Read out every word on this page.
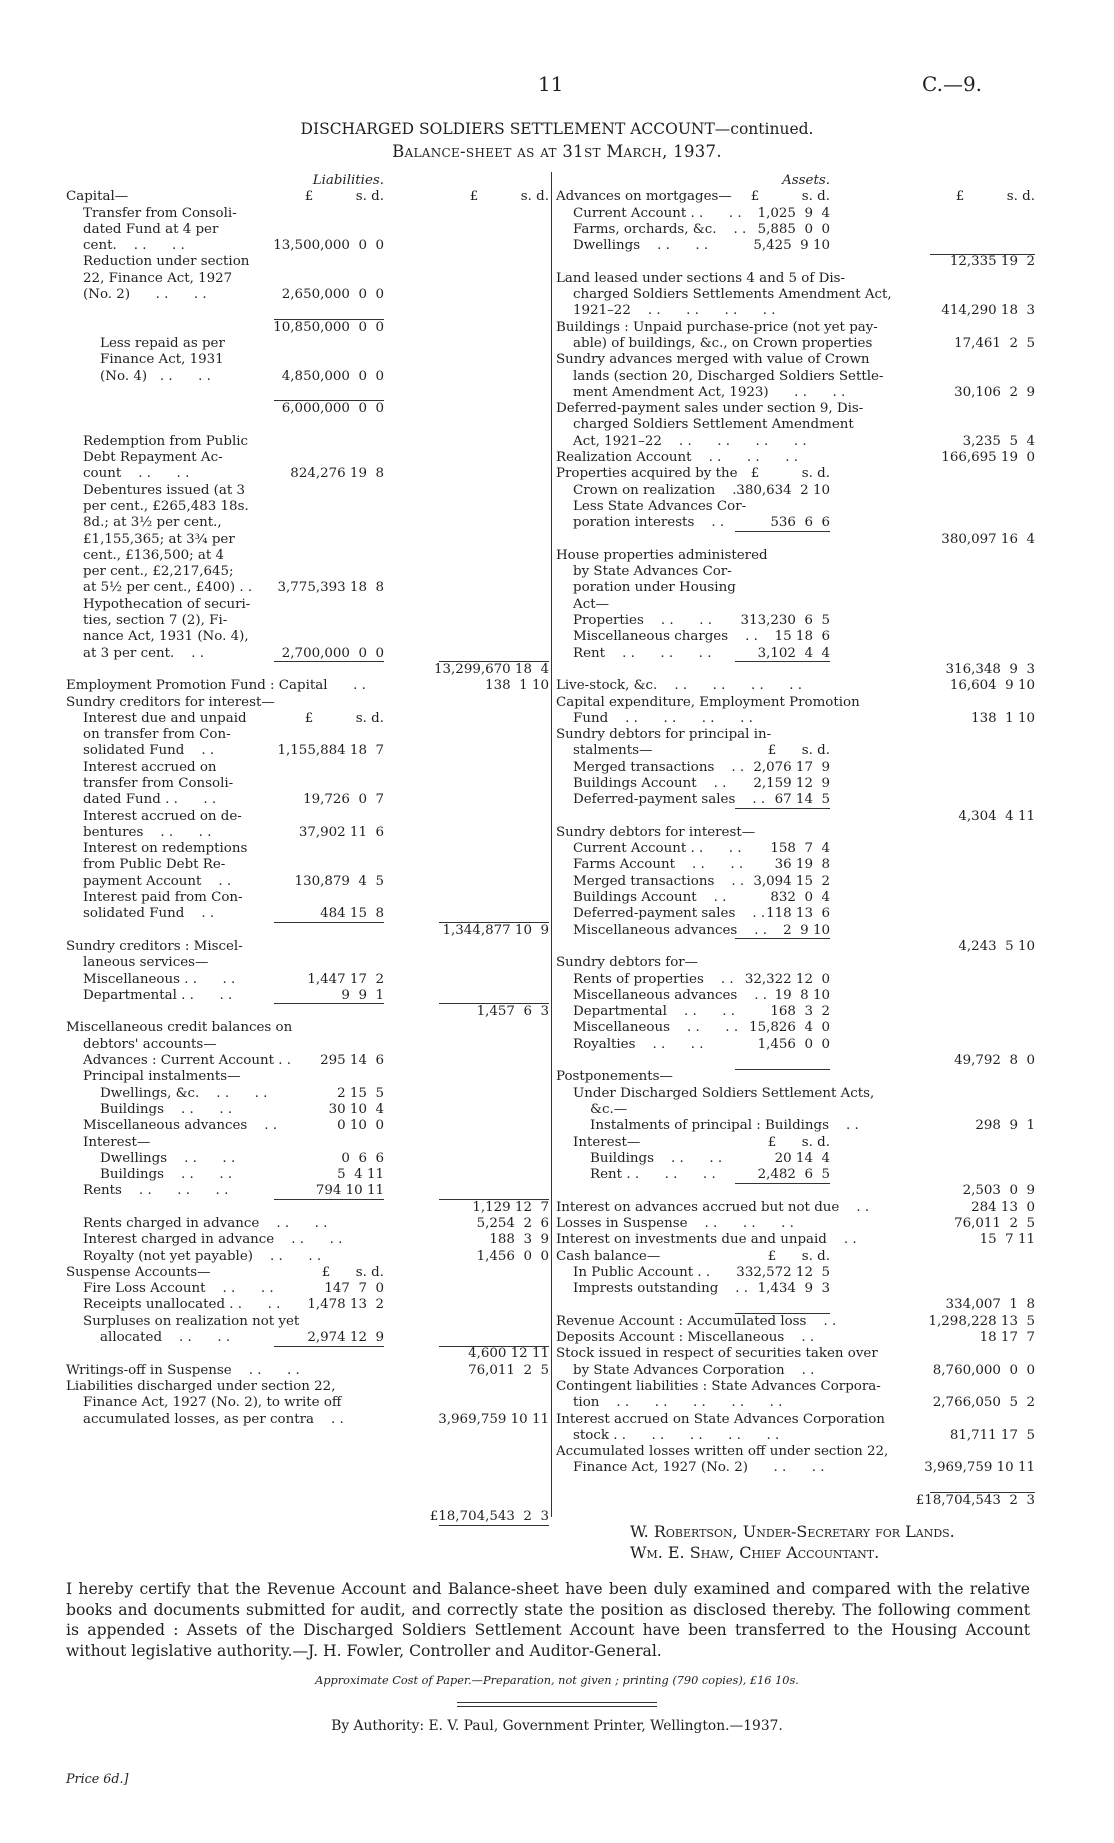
11	C.—9.
DISCHARGED SOLDIERS SETTLEMENT ACCOUNT—continued.
Balance-sheet as at 31st March, 1937.
Liabilities.
Capital—	£          s. d.	£          s. d.
Transfer from Consoli-
dated Fund at 4 per
cent.    . .      . .	13,500,000  0  0
Reduction under section
22, Finance Act, 1927
(No. 2)      . .      . .	2,650,000  0  0
10,850,000  0  0
Less repaid as per
Finance Act, 1931
(No. 4)   . .      . .	4,850,000  0  0
6,000,000  0  0
Redemption from Public
Debt Repayment Ac-
count    . .      . .	824,276 19  8
Debentures issued (at 3
per cent., £265,483 18s.
8d.; at 3½ per cent.,
£1,155,365; at 3¾ per
cent., £136,500; at 4
per cent., £2,217,645;
at 5½ per cent., £400) . . 3,775,393 18  8
Hypothecation of securi-
ties, section 7 (2), Fi-
nance Act, 1931 (No. 4),
at 3 per cent.    . .	2,700,000  0  0
13,299,670 18  4
Employment Promotion Fund : Capital      . .	138  1 10
Sundry creditors for interest—
Interest due and unpaid	£          s. d.
on transfer from Con-
solidated Fund    . .	1,155,884 18  7
Interest accrued on
transfer from Consoli-
dated Fund . .      . .	19,726  0  7
Interest accrued on de-
bentures    . .      . .	37,902 11  6
Interest on redemptions
from Public Debt Re-
payment Account    . .	130,879  4  5
Interest paid from Con-
solidated Fund    . .	484 15  8
1,344,877 10  9
Sundry creditors : Miscel-
laneous services—
Miscellaneous . .      . .	1,447 17  2
Departmental . .      . .	9  9  1
1,457  6  3
Miscellaneous credit balances on
debtors' accounts—
Advances : Current Account . . 295 14  6
Principal instalments—
Dwellings, &c.    . .      . .	2 15  5
Buildings    . .      . .	30 10  4
Miscellaneous advances    . .	0 10  0
Interest—
Dwellings    . .      . .	0  6  6
Buildings    . .      . .	5  4 11
Rents    . .      . .      . .	794 10 11
1,129 12  7
Rents charged in advance    . .      . .	5,254  2  6
Interest charged in advance    . .      . .	188  3  9
Royalty (not yet payable)    . .      . .	1,456  0  0
Suspense Accounts—	£      s. d.
Fire Loss Account    . .      . .	147  7  0
Receipts unallocated . .      . . 1,478 13  2
Surpluses on realization not yet
allocated    . .      . .	2,974 12  9
4,600 12 11
Writings-off in Suspense    . .      . .	76,011  2  5
Liabilities discharged under section 22,
Finance Act, 1927 (No. 2), to write off
accumulated losses, as per contra    . .	3,969,759 10 11
£18,704,543  2  3
Assets.
Advances on mortgages— £          s. d.	£          s. d.
Current Account . .      . . 1,025  9  4
Farms, orchards, &c.    . . 5,885  0  0
Dwellings    . .      . .	5,425  9 10
12,335 19  2
Land leased under sections 4 and 5 of Dis-
charged Soldiers Settlements Amendment Act,
1921–22    . .      . .      . .      . .	414,290 18  3
Buildings : Unpaid purchase-price (not yet pay-
able) of buildings, &c., on Crown properties	17,461  2  5
Sundry advances merged with value of Crown
lands (section 20, Discharged Soldiers Settle-
ment Amendment Act, 1923)      . .      . .	30,106  2  9
Deferred-payment sales under section 9, Dis-
charged Soldiers Settlement Amendment
Act, 1921–22    . .      . .      . .      . .	3,235  5  4
Realization Account    . .      . .      . .	166,695 19  0
Properties acquired by the £          s. d.
Crown on realization    . .
380,634  2 10
Less State Advances Cor-
poration interests    . .	536  6  6
380,097 16  4
House properties administered
by State Advances Cor-
poration under Housing
Act—
Properties    . .      . . 313,230  6  5
Miscellaneous charges    . . 15 18  6
Rent    . .      . .      . .	3,102  4  4
316,348  9  3
Live-stock, &c.    . .      . .      . .      . .	16,604  9 10
Capital expenditure, Employment Promotion
Fund    . .      . .      . .      . .	138  1 10
Sundry debtors for principal in-
stalments—	£      s. d.
Merged transactions    . . 2,076 17  9
Buildings Account    . . 2,159 12  9
Deferred-payment sales    . . 67 14  5
4,304  4 11
Sundry debtors for interest—
Current Account . .      . . 158  7  4
Farms Account    . .      . . 36 19  8
Merged transactions    . . 3,094 15  2
Buildings Account    . .	832  0  4
Deferred-payment sales    . . 118 13  6
Miscellaneous advances    . . 2  9 10
4,243  5 10
Sundry debtors for—
Rents of properties    . . 32,322 12  0
Miscellaneous advances    . . 19  8 10
Departmental    . .      . .	168  3  2
Miscellaneous    . .      . . 15,826  4  0
Royalties    . .      . .	1,456  0  0
49,792  8  0
Postponements—
Under Discharged Soldiers Settlement Acts,
&c.—
Instalments of principal : Buildings    . .	298  9  1
Interest—	£      s. d.
Buildings    . .      . .	20 14  4
Rent . .      . .      . .	2,482  6  5
2,503  0  9
Interest on advances accrued but not due    . .	284 13  0
Losses in Suspense    . .      . .      . .	76,011  2  5
Interest on investments due and unpaid    . .	15  7 11
Cash balance—	£      s. d.
In Public Account . . 332,572 12  5
Imprests outstanding    . . 1,434  9  3
334,007  1  8
Revenue Account : Accumulated loss    . .	1,298,228 13  5
Deposits Account : Miscellaneous    . .	18 17  7
Stock issued in respect of securities taken over
by State Advances Corporation    . .	8,760,000  0  0
Contingent liabilities : State Advances Corpora-
tion    . .      . .      . .      . .      . .	2,766,050  5  2
Interest accrued on State Advances Corporation
stock . .      . .      . .      . .      . .	81,711 17  5
Accumulated losses written off under section 22,
Finance Act, 1927 (No. 2)      . .      . .	3,969,759 10 11
£18,704,543  2  3
W. Robertson, Under-Secretary for Lands.
Wm. E. Shaw, Chief Accountant.
I hereby certify that the Revenue Account and Balance-sheet have been duly examined and compared with the relative books and documents submitted for audit, and correctly state the position as disclosed thereby. The following comment is appended : Assets of the Discharged Soldiers Settlement Account have been transferred to the Housing Account without legislative authority.—J. H. Fowler, Controller and Auditor-General.
Approximate Cost of Paper.—Preparation, not given ; printing (790 copies), £16 10s.
By Authority: E. V. Paul, Government Printer, Wellington.—1937.
Price 6d.]
